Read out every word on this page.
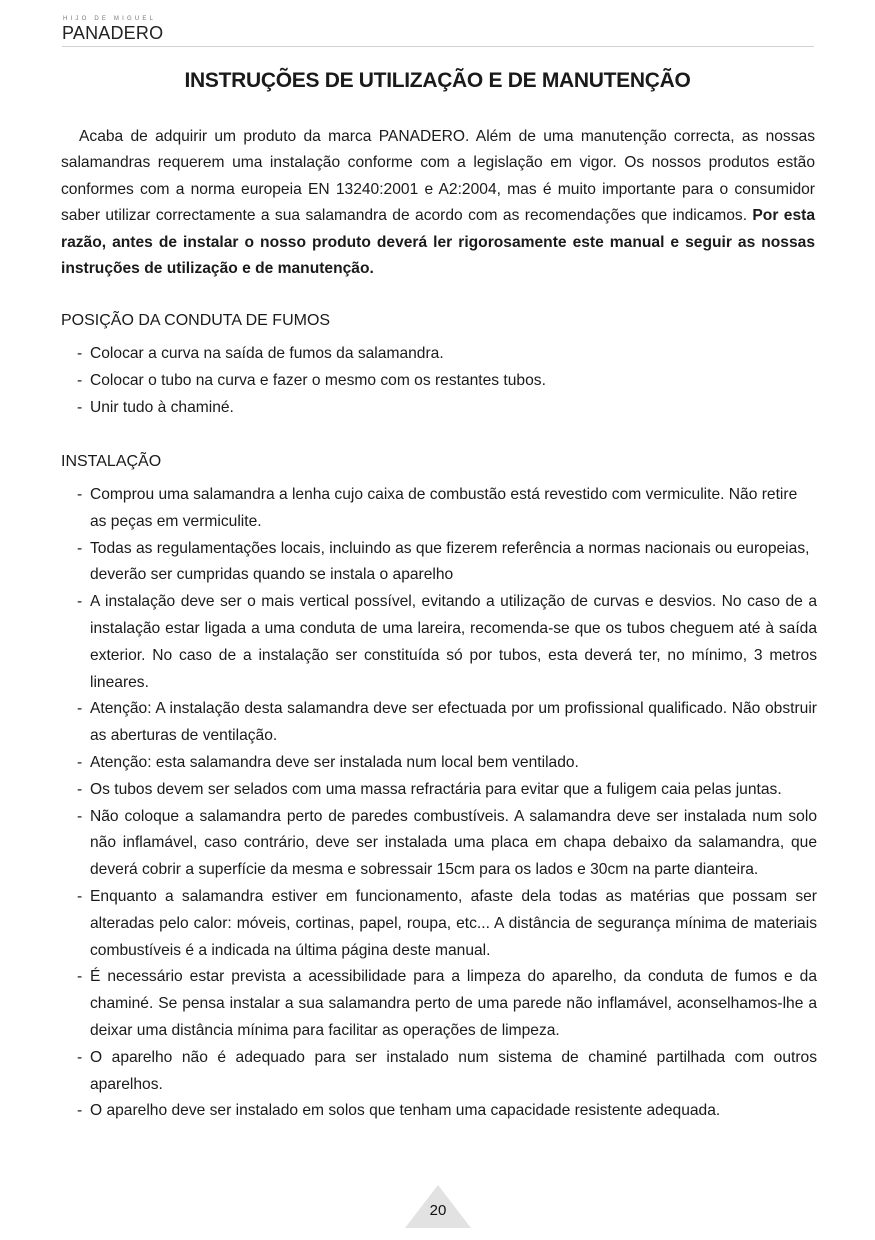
HIJO DE MIGUEL
PANADERO
INSTRUÇÕES DE UTILIZAÇÃO E DE MANUTENÇÃO

Acaba de adquirir um produto da marca PANADERO. Além de uma manutenção correcta, as nossas salamandras requerem uma instalação conforme com a legislação em vigor. Os nossos produtos estão conformes com a norma europeia EN 13240:2001 e A2:2004, mas é muito importante para o consumidor saber utilizar correctamente a sua salamandra de acordo com as recomendações que indicamos. Por esta razão, antes de instalar o nosso produto deverá ler rigorosamente este manual e seguir as nossas instruções de utilização e de manutenção.

POSIÇÃO DA CONDUTA DE FUMOS
- Colocar a curva na saída de fumos da salamandra.
- Colocar o tubo na curva e fazer o mesmo com os restantes tubos.
- Unir tudo à chaminé.
INSTALAÇÃO
- Comprou uma salamandra a lenha cujo caixa de combustão está revestido com vermiculite. Não retire as peças em vermiculite.
- Todas as regulamentações locais, incluindo as que fizerem referência a normas nacionais ou europeias, deverão ser cumpridas quando se instala o aparelho
- A instalação deve ser o mais vertical possível, evitando a utilização de curvas e desvios. No caso de a instalação estar ligada a uma conduta de uma lareira, recomenda-se que os tubos cheguem até à saída exterior. No caso de a instalação ser constituída só por tubos, esta deverá ter, no mínimo, 3 metros lineares.
- Atenção: A instalação desta salamandra deve ser efectuada por um profissional qualificado. Não obstruir as aberturas de ventilação.
- Atenção: esta salamandra deve ser instalada num local bem ventilado.
- Os tubos devem ser selados com uma massa refractária para evitar que a fuligem caia pelas juntas.
- Não coloque a salamandra perto de paredes combustíveis. A salamandra deve ser instalada num solo não inflamável, caso contrário, deve ser instalada uma placa em chapa debaixo da salamandra, que deverá cobrir a superfície da mesma e sobressair 15cm para os lados e 30cm na parte dianteira.
- Enquanto a salamandra estiver em funcionamento, afaste dela todas as matérias que possam ser alteradas pelo calor: móveis, cortinas, papel, roupa, etc... A distância de segurança mínima de materiais combustíveis é a indicada na última página deste manual.
- É necessário estar prevista a acessibilidade para a limpeza do aparelho, da conduta de fumos e da chaminé. Se pensa instalar a sua salamandra perto de uma parede não inflamável, aconselhamos-lhe a deixar uma distância mínima para facilitar as operações de limpeza.
- O aparelho não é adequado para ser instalado num sistema de chaminé partilhada com outros aparelhos.
- O aparelho deve ser instalado em solos que tenham uma capacidade resistente adequada.
20
